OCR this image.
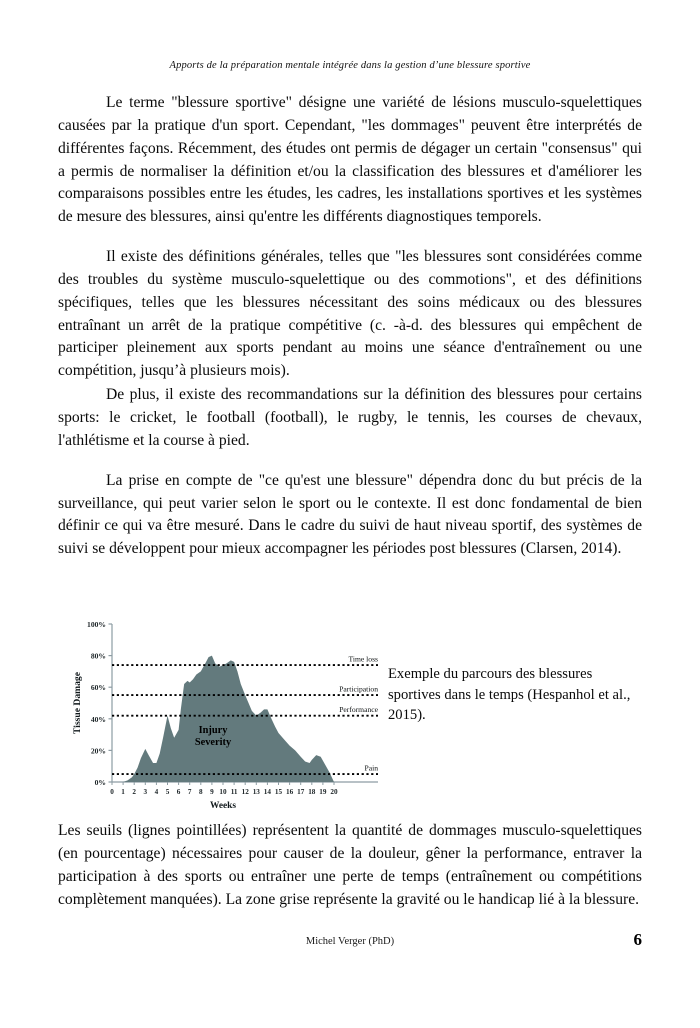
Apports de la préparation mentale intégrée dans la gestion d’une blessure sportive

Le terme "blessure sportive" désigne une variété de lésions musculo-squelettiques causées par la pratique d'un sport. Cependant, "les dommages" peuvent être interprétés de différentes façons. Récemment, des études ont permis de dégager un certain "consensus" qui a permis de normaliser la définition et/ou la classification des blessures et d'améliorer les comparaisons possibles entre les études, les cadres, les installations sportives et les systèmes de mesure des blessures, ainsi qu'entre les différents diagnostiques temporels.

Il existe des définitions générales, telles que "les blessures sont considérées comme des troubles du système musculo-squelettique ou des commotions", et des définitions spécifiques, telles que les blessures nécessitant des soins médicaux ou des blessures entraînant un arrêt de la pratique compétitive (c. -à-d. des blessures qui empêchent de participer pleinement aux sports pendant au moins une séance d'entraînement ou une compétition, jusqu’à plusieurs mois).

De plus, il existe des recommandations sur la définition des blessures pour certains sports: le cricket, le football (football), le rugby, le tennis, les courses de chevaux, l'athlétisme et la course à pied.

La prise en compte de "ce qu'est une blessure" dépendra donc du but précis de la surveillance, qui peut varier selon le sport ou le contexte. Il est donc fondamental de bien définir ce qui va être mesuré. Dans le cadre du suivi de haut niveau sportif, des systèmes de suivi se développent pour mieux accompagner les périodes post blessures (Clarsen, 2014).

0%
20%
40%
60%
80%
100%
Tissue Damage
0 1 2 3 4 5 6 7 8 9 10 11 12 13 14 15 16 17 18 19 20
Weeks
Time loss
Participation
Performance
Pain
Injury
Severity
Exemple du parcours des blessures sportives dans le temps (Hespanhol et al., 2015).

Les seuils (lignes pointillées) représentent la quantité de dommages musculo-squelettiques (en pourcentage) nécessaires pour causer de la douleur, gêner la performance, entraver la participation à des sports ou entraîner une perte de temps (entraînement ou compétitions complètement manquées). La zone grise représente la gravité ou le handicap lié à la blessure.

Michel Verger (PhD)	6
